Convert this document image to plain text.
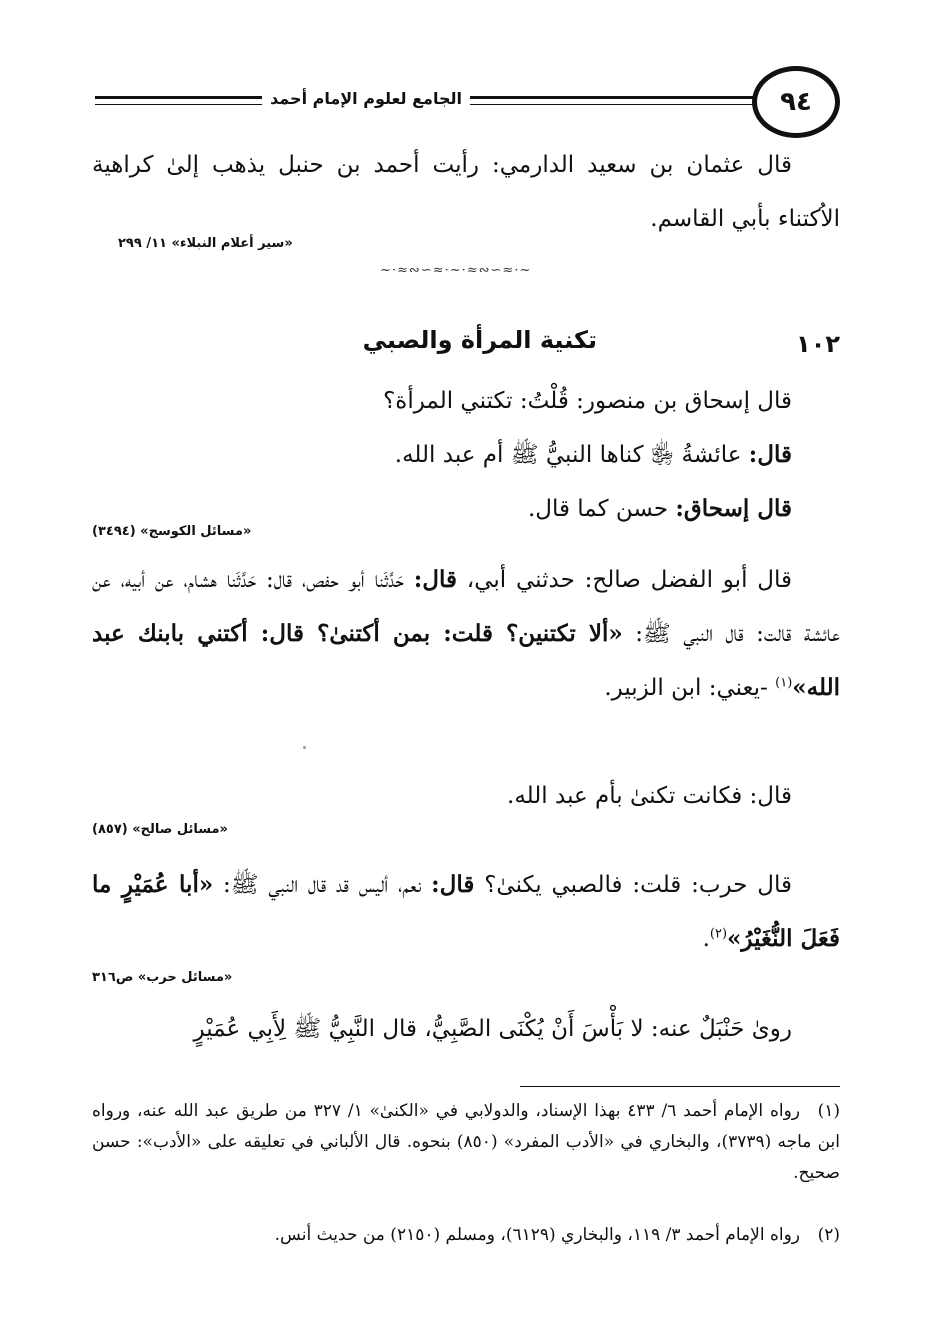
الجامع لعلوم الإمام أحمد	٩٤
قال عثمان بن سعيد الدارمي: رأيت أحمد بن حنبل يذهب إلىٰ كراهية الاُكتناء بأبي القاسم.
«سير أعلام النبلاء» ١١/ ٢٩٩
~·≈∾∽≈·~·≈∾∽≈·~
١٠٢
تكنية المرأة والصبي
قال إسحاق بن منصور: قُلْتُ: تكتني المرأة؟
قال: عائشةُ ﵂ كناها النبيُّ ﷺ أم عبد الله.
قال إسحاق: حسن كما قال.
«مسائل الكوسج» (٣٤٩٤)
قال أبو الفضل صالح: حدثني أبي، قال: حَدَّثَنا أبو حفص، قال: حَدَّثَنا هشام، عن أبيه، عن عائشة قالت: قال النبي ﷺ: «ألا تكتنين؟ قلت: بمن أكتنىٰ؟ قال: أكتني بابنك عبد الله»$^{(١)}$ -يعني: ابن الزبير.
قال: فكانت تكنىٰ بأم عبد الله.
«مسائل صالح» (٨٥٧)
قال حرب: قلت: فالصبي يكنىٰ؟ قال: نعم، أليس قد قال النبي ﷺ: «أبا عُمَيْرٍ ما فَعَلَ النُّغَيْرُ»$^{(٢)}$.
«مسائل حرب» ص٣١٦
روىٰ حَنْبَلٌ عنه: لا بَأْسَ أَنْ يُكْنَى الصَّبِيُّ، قال النَّبِيُّ ﷺ لِأَبِي عُمَيْرٍ
(١)رواه الإمام أحمد ٦/ ٤٣٣ بهذا الإسناد، والدولابي في «الكنىٰ» ١/ ٣٢٧ من طريق عبد الله عنه، ورواه ابن ماجه (٣٧٣٩)، والبخاري في «الأدب المفرد» (٨٥٠) بنحوه. قال الألباني في تعليقه على «الأدب»: حسن صحيح.
(٢)رواه الإمام أحمد ٣/ ١١٩، والبخاري (٦١٢٩)، ومسلم (٢١٥٠) من حديث أنس.
